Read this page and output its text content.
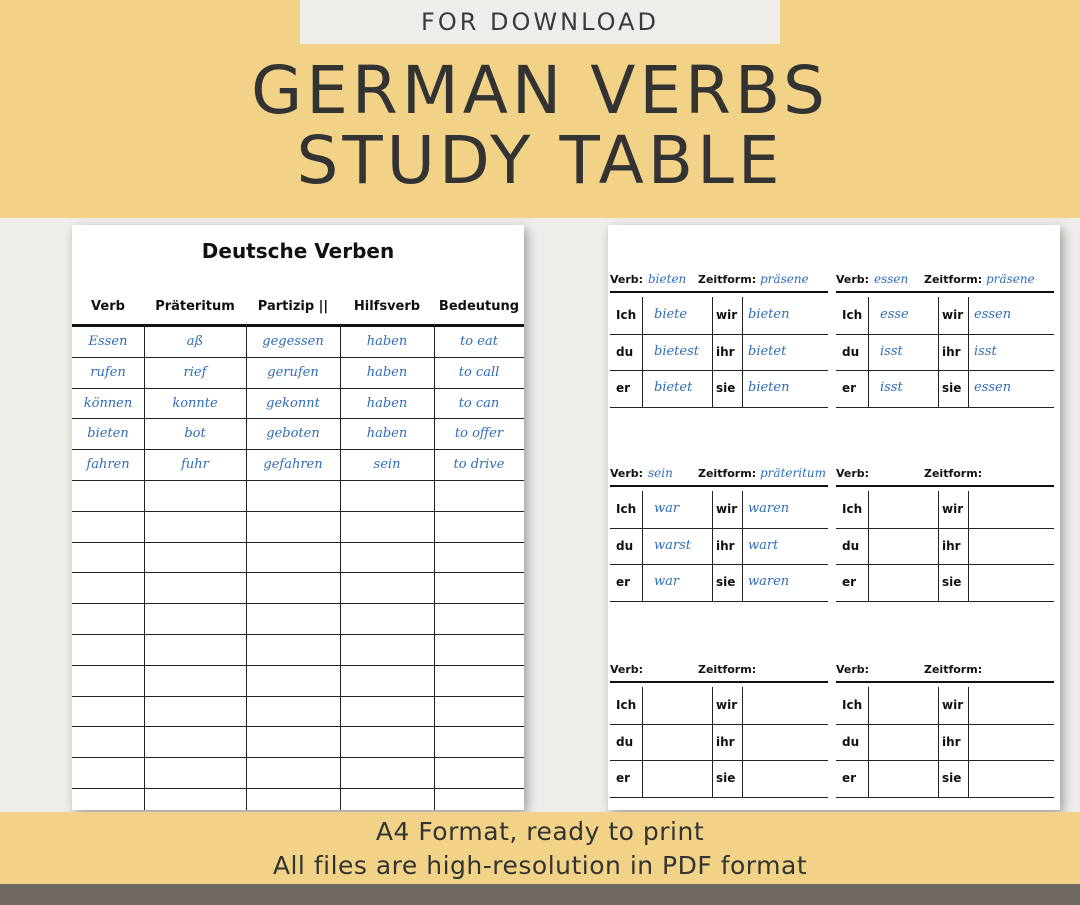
FOR DOWNLOAD
GERMAN VERBS
STUDY TABLE
Deutsche Verben
Verb	Präteritum	Partizip ||	Hilfsverb	Bedeutung
Essen	aß	gegessen	haben	to eat
rufen	rief	gerufen	haben	to call
können	konnte	gekonnt	haben	to can
bieten	bot	geboten	haben	to offer
fahren	fuhr	gefahren	sein	to drive
Verb: bieten Zeitform: präsene
Ich biete wir bieten
du bietest ihr bietet
er bietet sie bieten
Verb: essen Zeitform: präsene
Ich esse	wir essen
du isst	ihr isst
er isst	sie essen
Verb: sein Zeitform: präteritum
Ich war	wir waren
du warst ihr wart
er war	sie waren
Verb:	Zeitform:
Ich	wir
du	ihr
er	sie
Verb:	Zeitform:
Ich	wir
du	ihr
er	sie
Verb:	Zeitform:
Ich	wir
du	ihr
er	sie
A4 Format, ready to print
All files are high-resolution in PDF format
